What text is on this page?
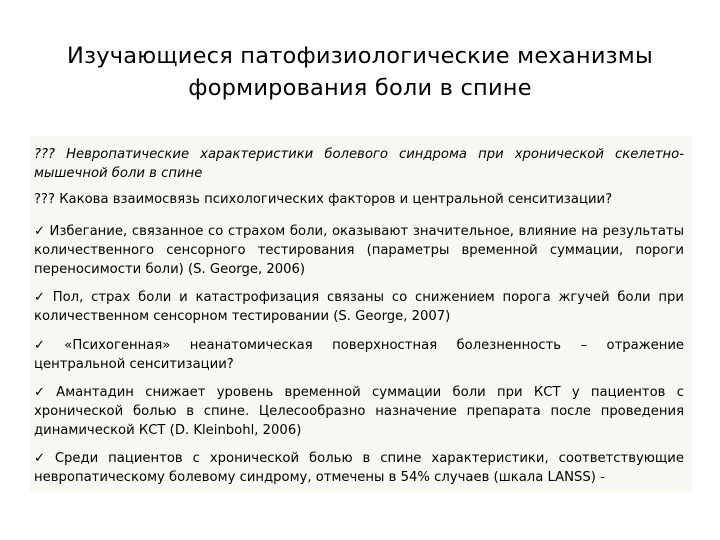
Изучающиеся патофизиологические механизмы
формирования боли в спине
??? Невропатические характеристики болевого синдрома при хронической скелетно-мышечной боли в спине
??? Какова взаимосвязь психологических факторов и центральной сенситизации?
✓ Избегание, связанное со страхом боли, оказывают значительное, влияние на результаты количественного сенсорного тестирования (параметры временной суммации, пороги переносимости боли) (S. George, 2006)
✓ Пол, страх боли и катастрофизация связаны со снижением порога жгучей боли при количественном сенсорном тестировании (S. George, 2007)
✓ «Психогенная» неанатомическая поверхностная болезненность – отражение центральной сенситизации?
✓ Амантадин снижает уровень временной суммации боли при КСТ у пациентов с хронической болью в спине. Целесообразно назначение препарата после проведения динамической КСТ (D. Kleinbohl, 2006)
✓ Среди пациентов с хронической болью в спине характеристики, соответствующие невропатическому болевому синдрому, отмечены в 54% случаев (шкала LANSS) -
